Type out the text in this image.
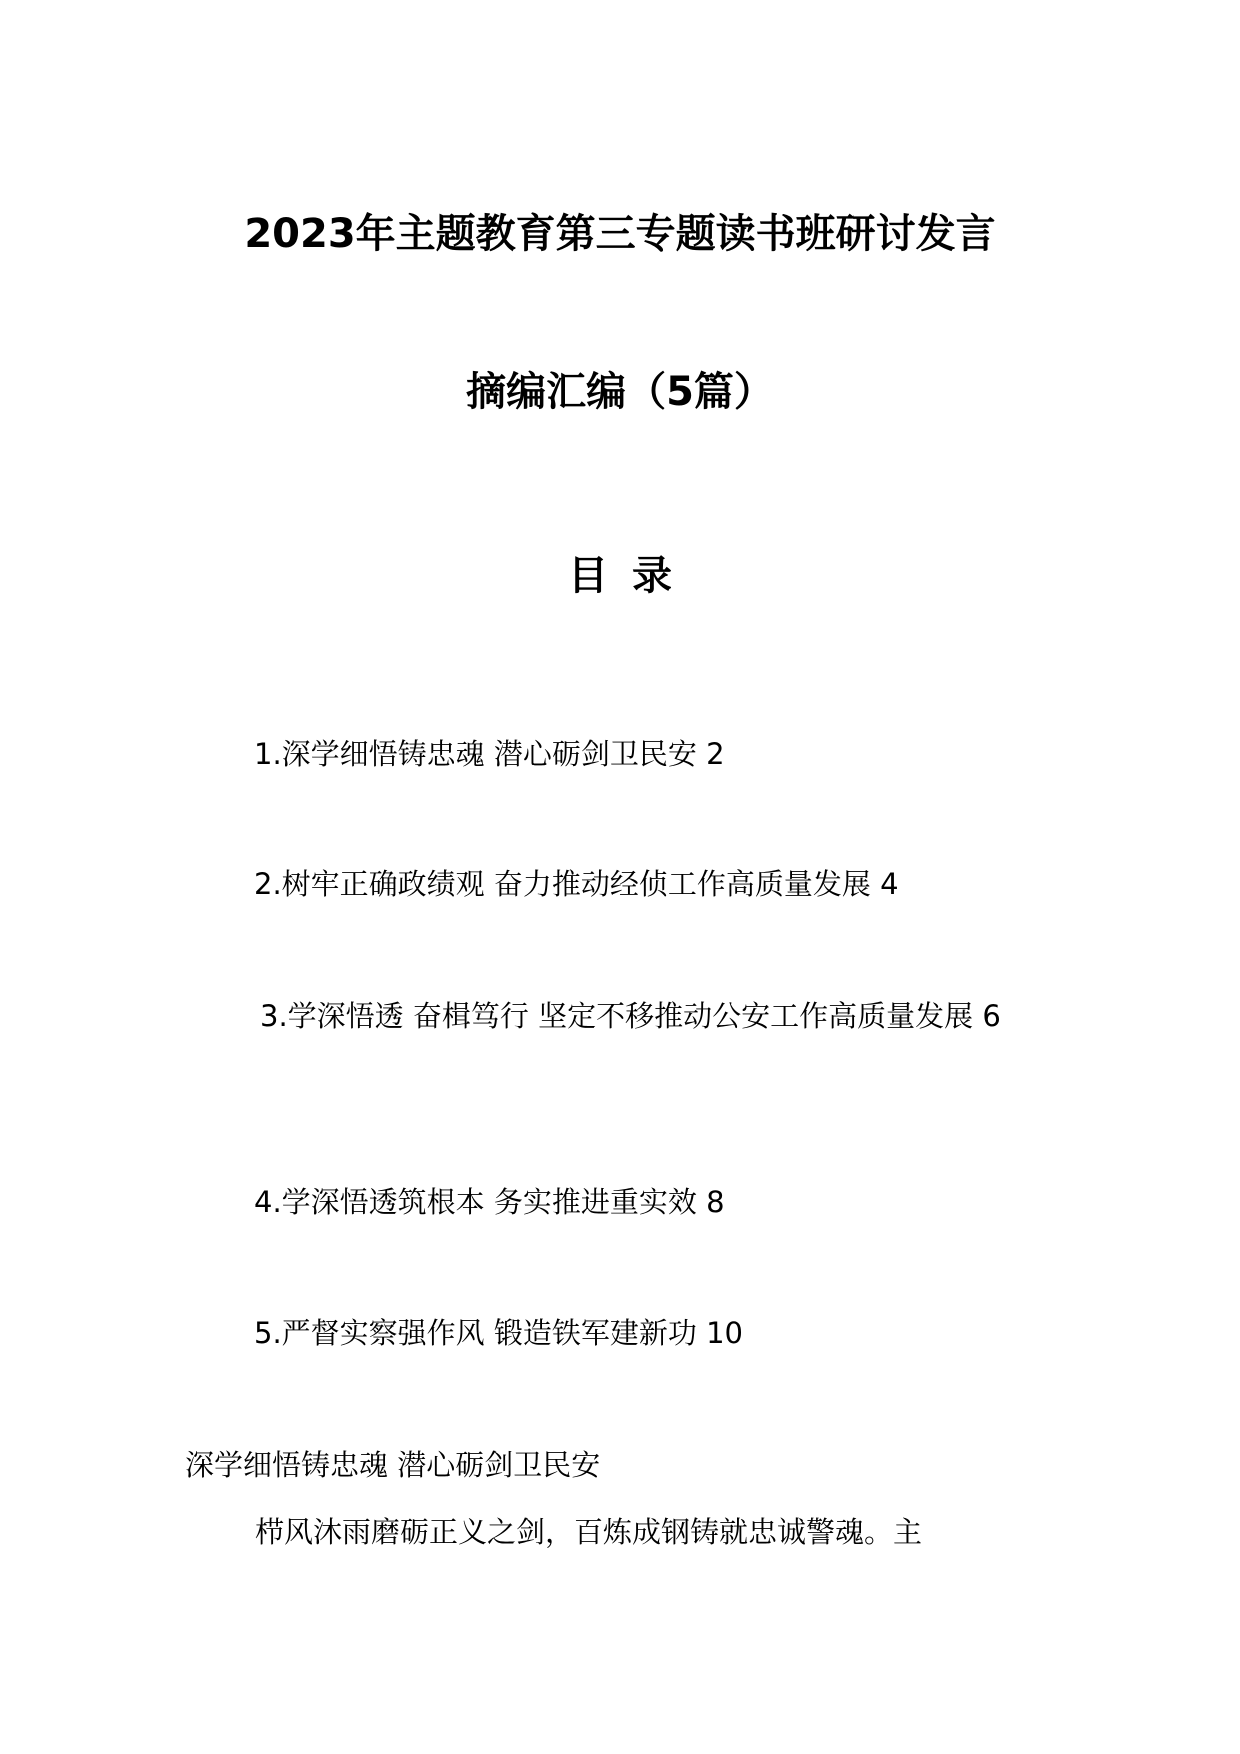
2023年主题教育第三专题读书班研讨发言
摘编汇编（5篇）
目录
1.深学细悟铸忠魂 潜心砺剑卫民安 2
2.树牢正确政绩观 奋力推动经侦工作高质量发展 4
3.学深悟透 奋楫笃行 坚定不移推动公安工作高质量发展 6
4.学深悟透筑根本 务实推进重实效 8
5.严督实察强作风 锻造铁军建新功 10
深学细悟铸忠魂 潜心砺剑卫民安
栉风沐雨磨砺正义之剑，百炼成钢铸就忠诚警魂。主
